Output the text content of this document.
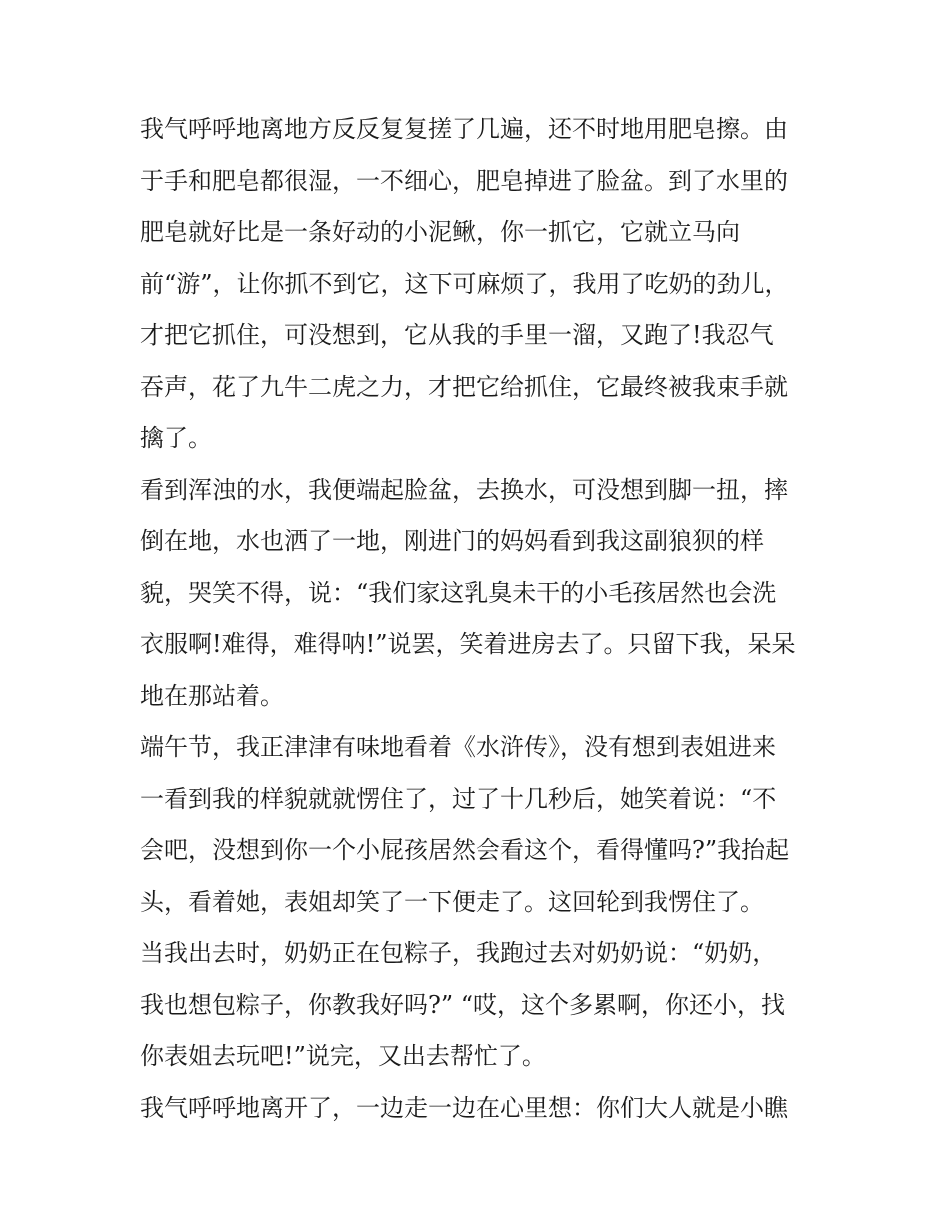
我气呼呼地离地方反反复复搓了几遍，还不时地用肥皂擦。由
于手和肥皂都很湿，一不细心，肥皂掉进了脸盆。到了水里的
肥皂就好比是一条好动的小泥鳅，你一抓它，它就立马向
前“游”，让你抓不到它，这下可麻烦了，我用了吃奶的劲儿，
才把它抓住，可没想到，它从我的手里一溜，又跑了!我忍气
吞声，花了九牛二虎之力，才把它给抓住，它最终被我束手就
擒了。
看到浑浊的水，我便端起脸盆，去换水，可没想到脚一扭，摔
倒在地，水也洒了一地，刚进门的妈妈看到我这副狼狈的样
貌，哭笑不得，说：“我们家这乳臭未干的小毛孩居然也会洗
衣服啊!难得，难得呐!”说罢，笑着进房去了。只留下我，呆呆
地在那站着。
端午节，我正津津有味地看着《水浒传》，没有想到表姐进来
一看到我的样貌就就愣住了，过了十几秒后，她笑着说：“不
会吧，没想到你一个小屁孩居然会看这个，看得懂吗?”我抬起
头，看着她，表姐却笑了一下便走了。这回轮到我愣住了。
当我出去时，奶奶正在包粽子，我跑过去对奶奶说：“奶奶，
我也想包粽子，你教我好吗?” “哎，这个多累啊，你还小，找
你表姐去玩吧!”说完，又出去帮忙了。
我气呼呼地离开了，一边走一边在心里想：你们大人就是小瞧
